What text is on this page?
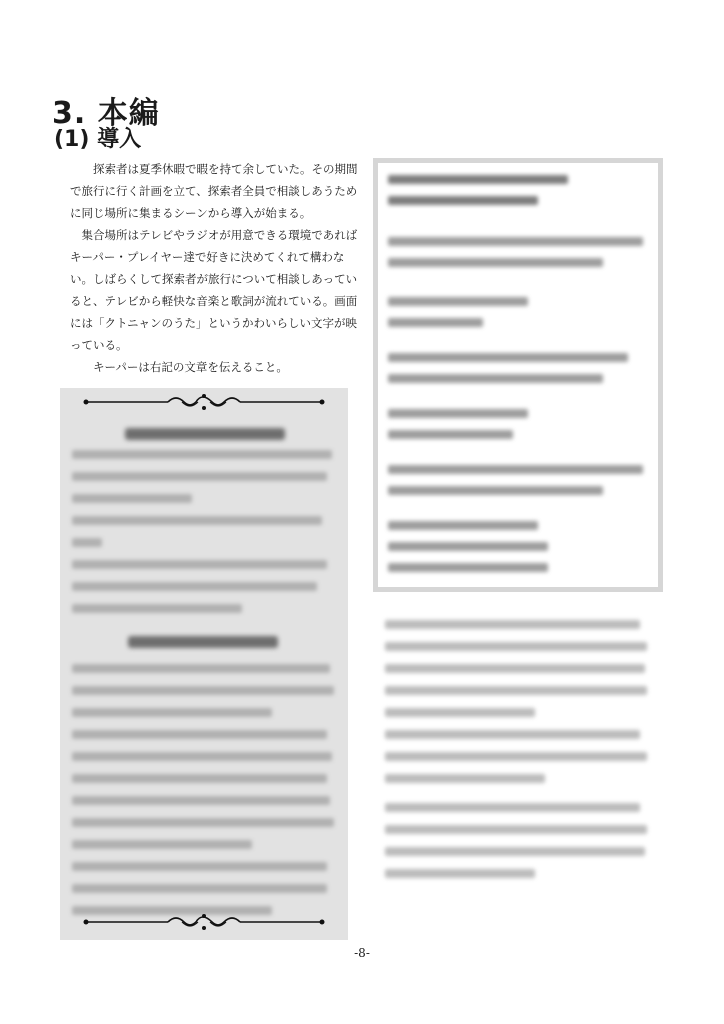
3. 本編
(1) 導入

探索者は夏季休暇で暇を持て余していた。その期間で旅行に行く計画を立て、探索者全員で相談しあうために同じ場所に集まるシーンから導入が始まる。

集合場所はテレビやラジオが用意できる環境であればキーパー・プレイヤー達で好きに決めてくれて構わない。しばらくして探索者が旅行について相談しあっていると、テレビから軽快な音楽と歌詞が流れている。画面には「クトニャンのうた」というかわいらしい文字が映っている。

キーパーは右記の文章を伝えること。

-8-
